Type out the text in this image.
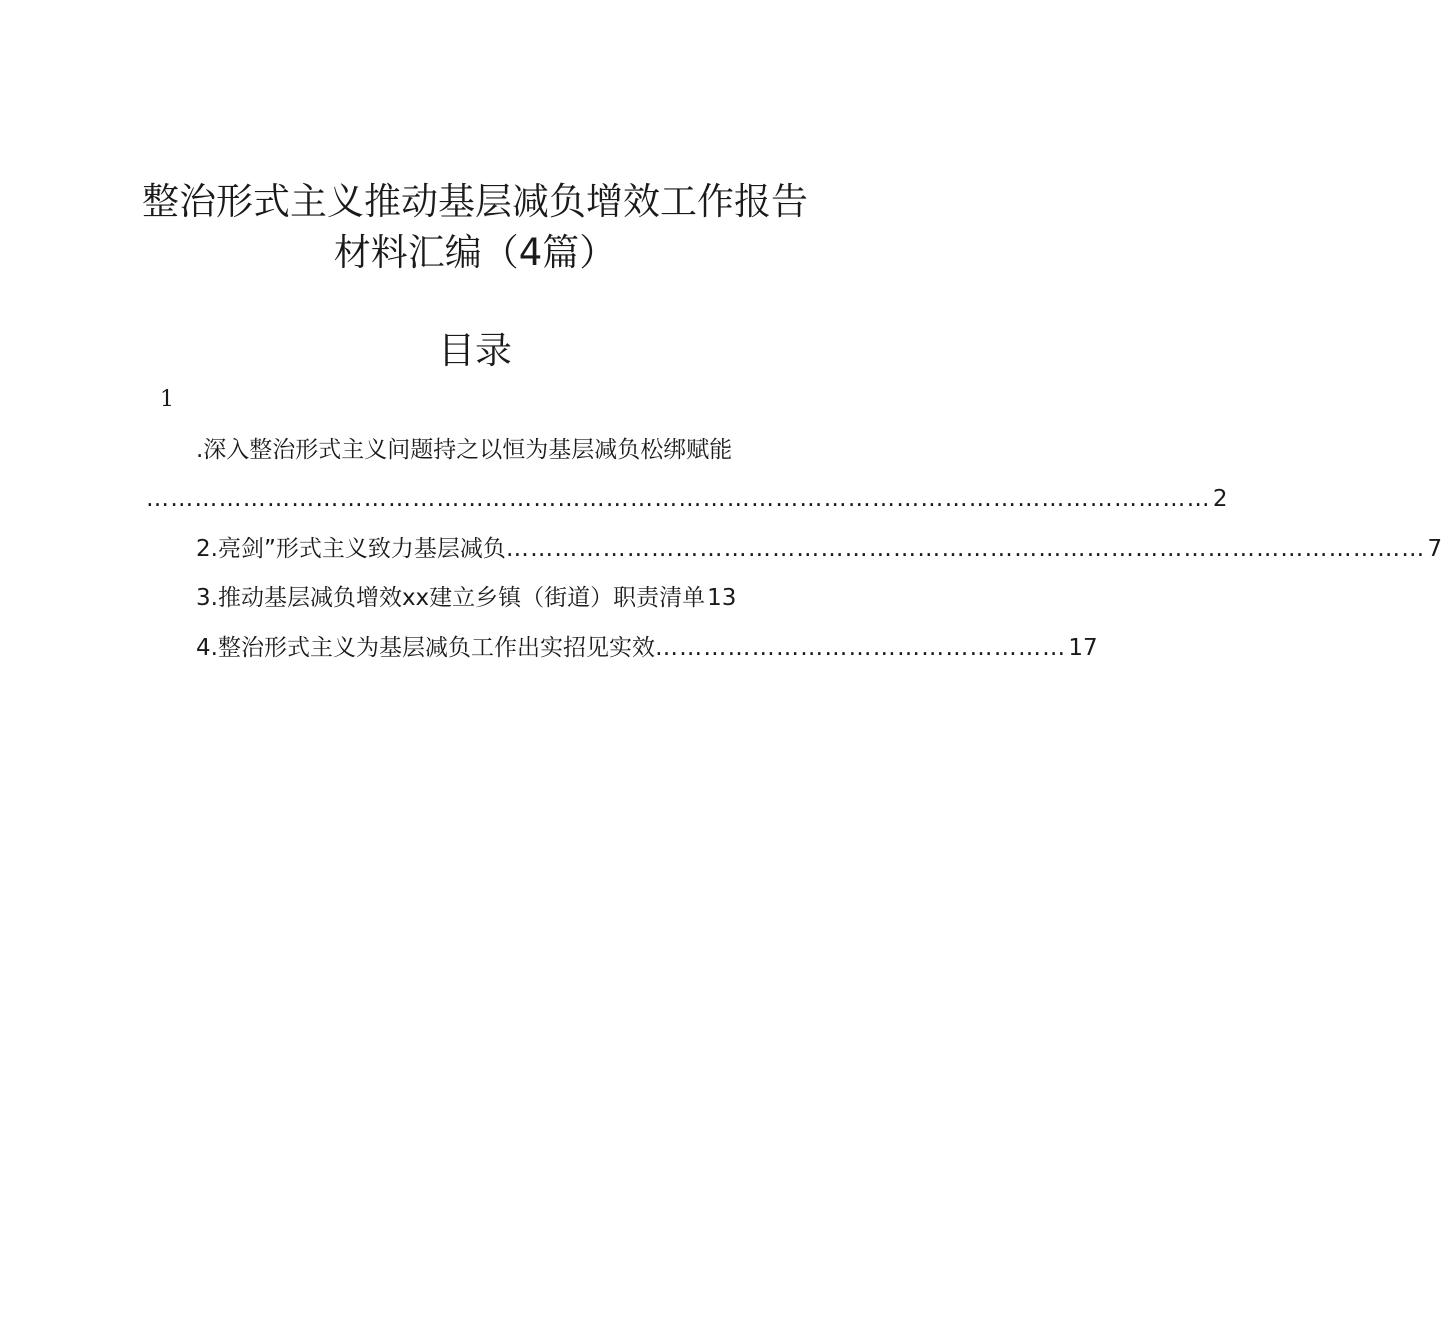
整治形式主义推动基层减负增效工作报告
材料汇编（4篇）
目录
1
.深入整治形式主义问题持之以恒为基层减负松绑赋能
…………………………………………………………………………………………………………………… 2
2.亮剑”形式主义致力基层减负 …………………………………………………………………………………………………… 7
3.推动基层减负增效xx建立乡镇（街道）职责清单 13
4.整治形式主义为基层减负工作出实招见实效 …………………………………………… 17
